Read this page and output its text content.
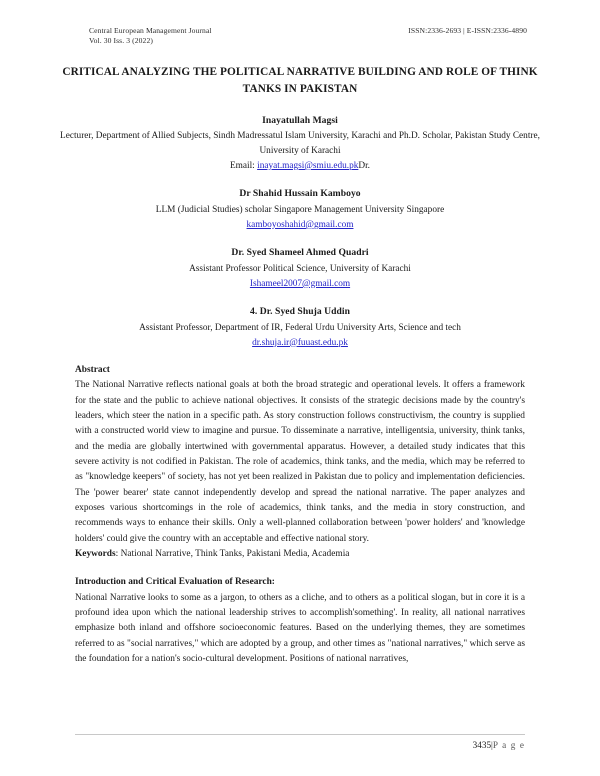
Central European Management Journal
Vol. 30 Iss. 3 (2022)
ISSN:2336-2693 | E-ISSN:2336-4890
CRITICAL ANALYZING THE POLITICAL NARRATIVE BUILDING AND ROLE OF THINK TANKS IN PAKISTAN
Inayatullah Magsi
Lecturer, Department of Allied Subjects, Sindh Madressatul Islam University, Karachi and Ph.D. Scholar, Pakistan Study Centre, University of Karachi
Email: inayat.magsi@smiu.edu.pkDr.
Dr Shahid Hussain Kamboyo
LLM (Judicial Studies) scholar Singapore Management University Singapore
kamboyoshahid@gmail.com
Dr. Syed Shameel Ahmed Quadri
Assistant Professor Political Science, University of Karachi
Ishameel2007@gmail.com
4. Dr. Syed Shuja Uddin
Assistant Professor, Department of IR, Federal Urdu University Arts, Science and tech
dr.shuja.ir@fuuast.edu.pk
Abstract

The National Narrative reflects national goals at both the broad strategic and operational levels. It offers a framework for the state and the public to achieve national objectives. It consists of the strategic decisions made by the country's leaders, which steer the nation in a specific path. As story construction follows constructivism, the country is supplied with a constructed world view to imagine and pursue. To disseminate a narrative, intelligentsia, university, think tanks, and the media are globally intertwined with governmental apparatus. However, a detailed study indicates that this severe activity is not codified in Pakistan. The role of academics, think tanks, and the media, which may be referred to as "knowledge keepers" of society, has not yet been realized in Pakistan due to policy and implementation deficiencies. The 'power bearer' state cannot independently develop and spread the national narrative. The paper analyzes and exposes various shortcomings in the role of academics, think tanks, and the media in story construction, and recommends ways to enhance their skills. Only a well-planned collaboration between 'power holders' and 'knowledge holders' could give the country with an acceptable and effective national story.

Keywords: National Narrative, Think Tanks, Pakistani Media, Academia

Introduction and Critical Evaluation of Research:

National Narrative looks to some as a jargon, to others as a cliche, and to others as a political slogan, but in core it is a profound idea upon which the national leadership strives to accomplish'something'. In reality, all national narratives emphasize both inland and offshore socioeconomic features. Based on the underlying themes, they are sometimes referred to as "social narratives," which are adopted by a group, and other times as "national narratives," which serve as the foundation for a nation's socio-cultural development. Positions of national narratives,

3435|P a g e
